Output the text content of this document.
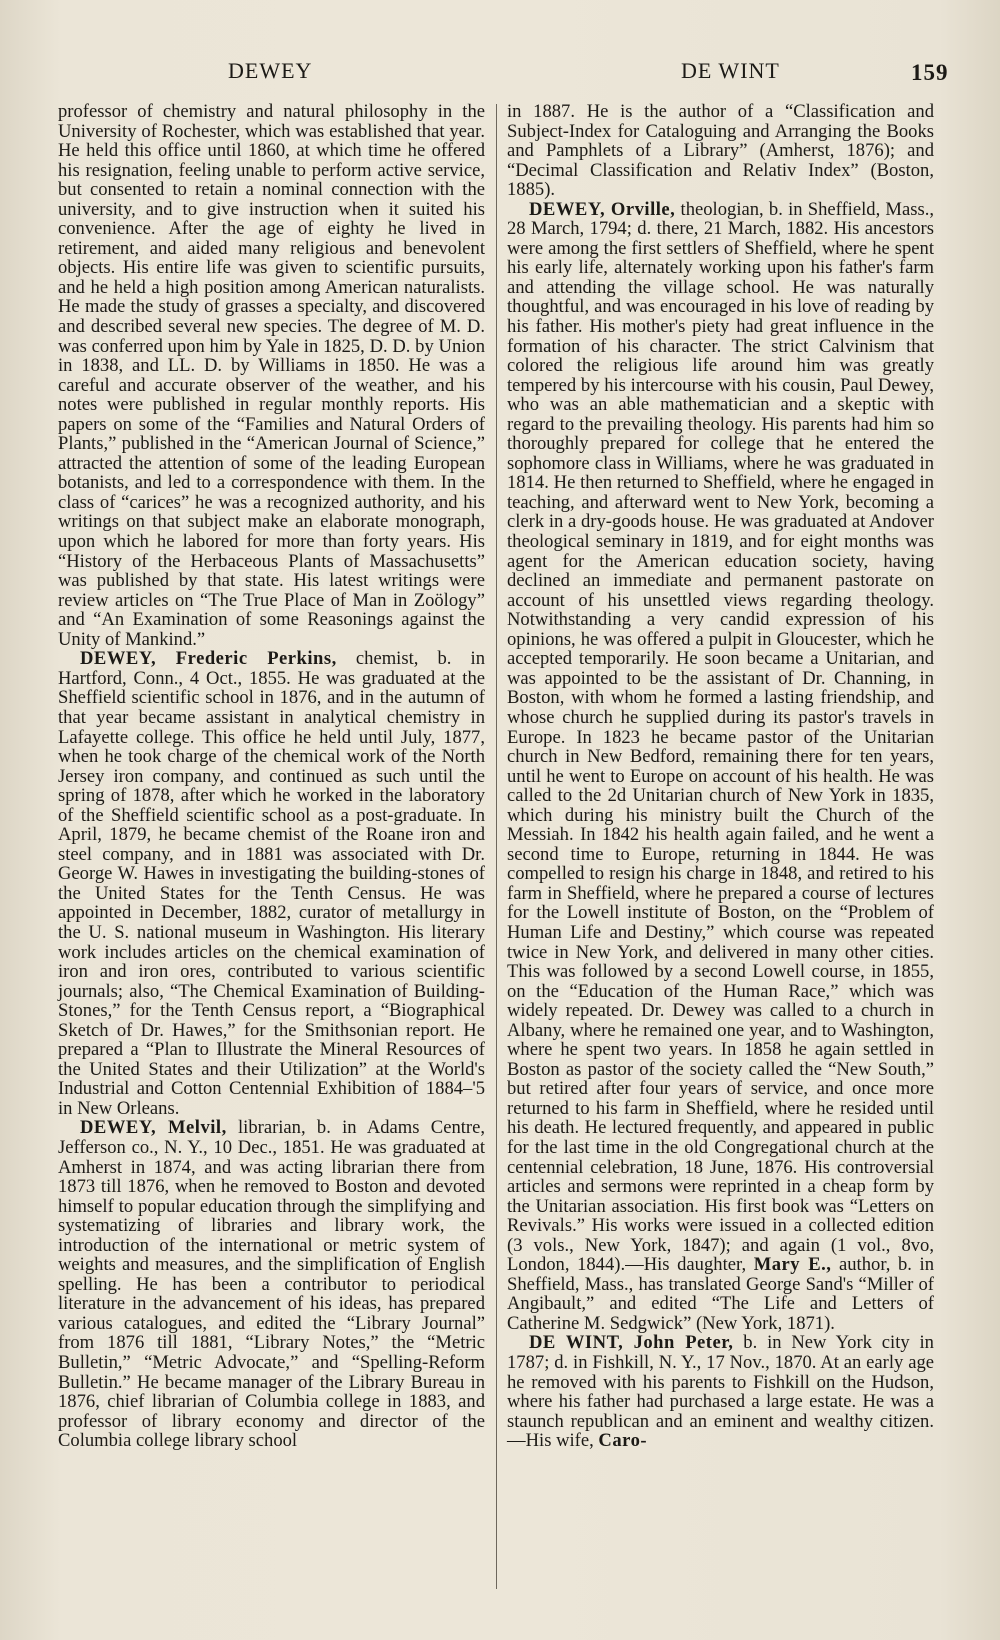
DEWEY	DE WINT	159

professor of chemistry and natural philosophy in the University of Rochester, which was established that year. He held this office until 1860, at which time he offered his resignation, feeling unable to perform active service, but consented to retain a nominal connection with the university, and to give instruction when it suited his convenience. After the age of eighty he lived in retirement, and aided many religious and benevolent objects. His entire life was given to scientific pursuits, and he held a high position among American naturalists. He made the study of grasses a specialty, and discovered and described several new species. The degree of M. D. was conferred upon him by Yale in 1825, D. D. by Union in 1838, and LL. D. by Williams in 1850. He was a careful and accurate observer of the weather, and his notes were published in regular monthly reports. His papers on some of the “Families and Natural Orders of Plants,” published in the “American Journal of Science,” attracted the attention of some of the leading European botanists, and led to a correspondence with them. In the class of “carices” he was a recognized authority, and his writings on that subject make an elaborate monograph, upon which he labored for more than forty years. His “History of the Herbaceous Plants of Massachusetts” was published by that state. His latest writings were review articles on “The True Place of Man in Zoölogy” and “An Examination of some Reasonings against the Unity of Mankind.”

DEWEY, Frederic Perkins, chemist, b. in Hartford, Conn., 4 Oct., 1855. He was graduated at the Sheffield scientific school in 1876, and in the autumn of that year became assistant in analytical chemistry in Lafayette college. This office he held until July, 1877, when he took charge of the chemical work of the North Jersey iron company, and continued as such until the spring of 1878, after which he worked in the laboratory of the Sheffield scientific school as a post-graduate. In April, 1879, he became chemist of the Roane iron and steel company, and in 1881 was associated with Dr. George W. Hawes in investigating the building-stones of the United States for the Tenth Census. He was appointed in December, 1882, curator of metallurgy in the U. S. national museum in Washington. His literary work includes articles on the chemical examination of iron and iron ores, contributed to various scientific journals; also, “The Chemical Examination of Building-Stones,” for the Tenth Census report, a “Biographical Sketch of Dr. Hawes,” for the Smithsonian report. He prepared a “Plan to Illustrate the Mineral Resources of the United States and their Utilization” at the World's Industrial and Cotton Centennial Exhibition of 1884–'5 in New Orleans.

DEWEY, Melvil, librarian, b. in Adams Centre, Jefferson co., N. Y., 10 Dec., 1851. He was graduated at Amherst in 1874, and was acting librarian there from 1873 till 1876, when he removed to Boston and devoted himself to popular education through the simplifying and systematizing of libraries and library work, the introduction of the international or metric system of weights and measures, and the simplification of English spelling. He has been a contributor to periodical literature in the advancement of his ideas, has prepared various catalogues, and edited the “Library Journal” from 1876 till 1881, “Library Notes,” the “Metric Bulletin,” “Metric Advocate,” and “Spelling-Reform Bulletin.” He became manager of the Library Bureau in 1876, chief librarian of Columbia college in 1883, and professor of library economy and director of the Columbia college library school

in 1887. He is the author of a “Classification and Subject-Index for Cataloguing and Arranging the Books and Pamphlets of a Library” (Amherst, 1876); and “Decimal Classification and Relativ Index” (Boston, 1885).

DEWEY, Orville, theologian, b. in Sheffield, Mass., 28 March, 1794; d. there, 21 March, 1882. His ancestors were among the first settlers of Sheffield, where he spent his early life, alternately working upon his father's farm and attending the village school. He was naturally thoughtful, and was encouraged in his love of reading by his father. His mother's piety had great influence in the formation of his character. The strict Calvinism that colored the religious life around him was greatly tempered by his intercourse with his cousin, Paul Dewey, who was an able mathematician and a skeptic with regard to the prevailing theology. His parents had him so thoroughly prepared for college that he entered the sophomore class in Williams, where he was graduated in 1814. He then returned to Sheffield, where he engaged in teaching, and afterward went to New York, becoming a clerk in a dry-goods house. He was graduated at Andover theological seminary in 1819, and for eight months was agent for the American education society, having declined an immediate and permanent pastorate on account of his unsettled views regarding theology. Notwithstanding a very candid expression of his opinions, he was offered a pulpit in Gloucester, which he accepted temporarily. He soon became a Unitarian, and was appointed to be the assistant of Dr. Channing, in Boston, with whom he formed a lasting friendship, and whose church he supplied during its pastor's travels in Europe. In 1823 he became pastor of the Unitarian church in New Bedford, remaining there for ten years, until he went to Europe on account of his health. He was called to the 2d Unitarian church of New York in 1835, which during his ministry built the Church of the Messiah. In 1842 his health again failed, and he went a second time to Europe, returning in 1844. He was compelled to resign his charge in 1848, and retired to his farm in Sheffield, where he prepared a course of lectures for the Lowell institute of Boston, on the “Problem of Human Life and Destiny,” which course was repeated twice in New York, and delivered in many other cities. This was followed by a second Lowell course, in 1855, on the “Education of the Human Race,” which was widely repeated. Dr. Dewey was called to a church in Albany, where he remained one year, and to Washington, where he spent two years. In 1858 he again settled in Boston as pastor of the society called the “New South,” but retired after four years of service, and once more returned to his farm in Sheffield, where he resided until his death. He lectured frequently, and appeared in public for the last time in the old Congregational church at the centennial celebration, 18 June, 1876. His controversial articles and sermons were reprinted in a cheap form by the Unitarian association. His first book was “Letters on Revivals.” His works were issued in a collected edition (3 vols., New York, 1847); and again (1 vol., 8vo, London, 1844).—His daughter, Mary E., author, b. in Sheffield, Mass., has translated George Sand's “Miller of Angibault,” and edited “The Life and Letters of Catherine M. Sedgwick” (New York, 1871).

DE WINT, John Peter, b. in New York city in 1787; d. in Fishkill, N. Y., 17 Nov., 1870. At an early age he removed with his parents to Fishkill on the Hudson, where his father had purchased a large estate. He was a staunch republican and an eminent and wealthy citizen.—His wife, Caro-
